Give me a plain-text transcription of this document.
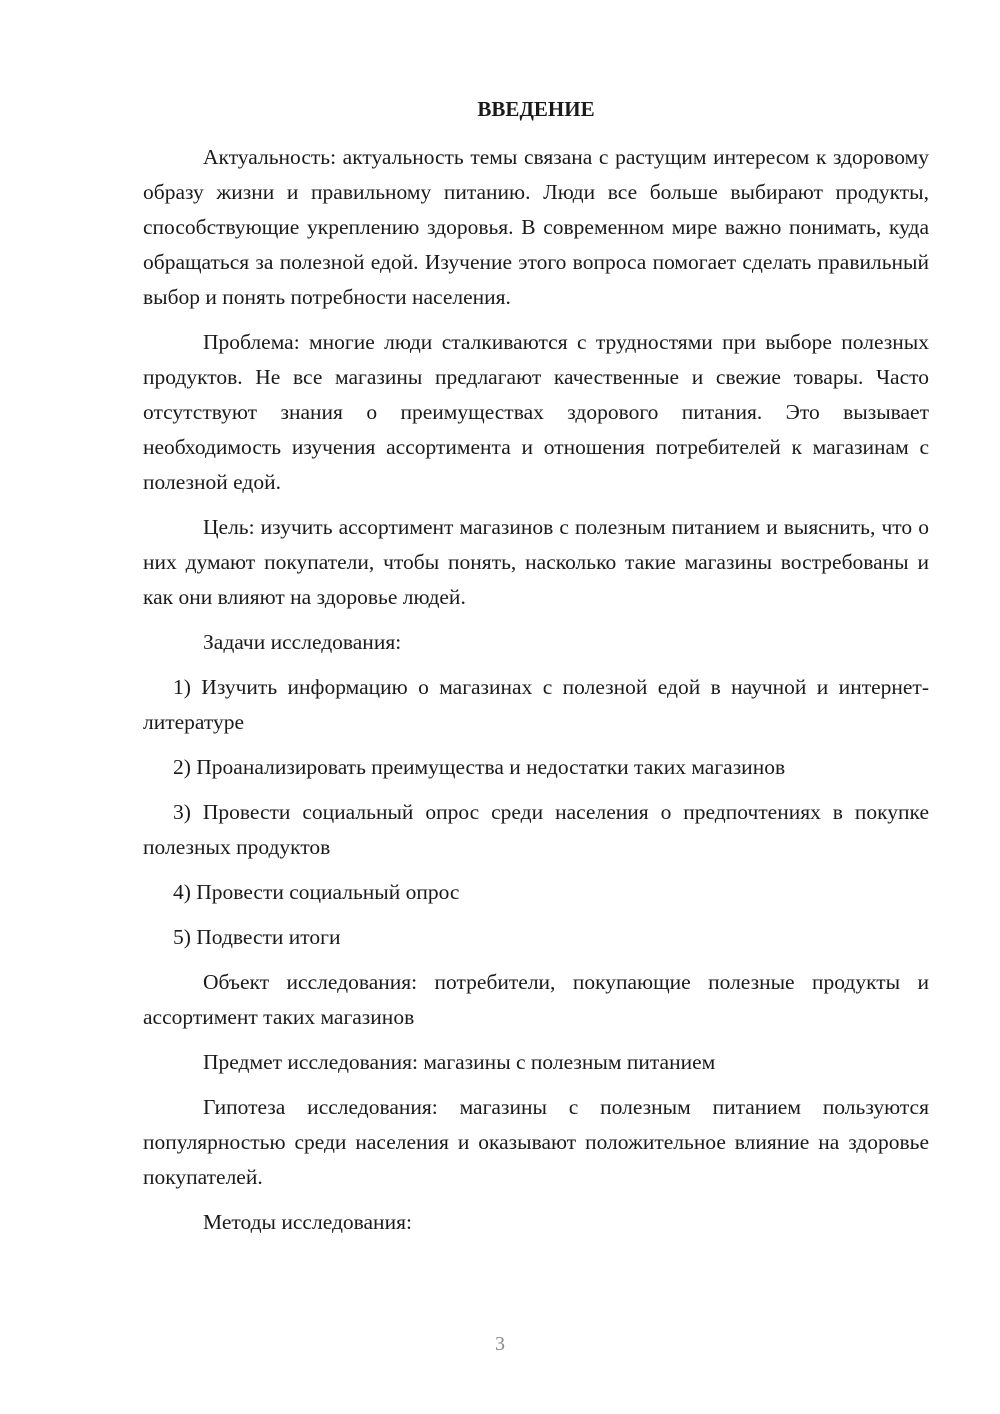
ВВЕДЕНИЕ

Актуальность: актуальность темы связана с растущим интересом к здоровому образу жизни и правильному питанию. Люди все больше выбирают продукты, способствующие укреплению здоровья. В современном мире важно понимать, куда обращаться за полезной едой. Изучение этого вопроса помогает сделать правильный выбор и понять потребности населения.

Проблема: многие люди сталкиваются с трудностями при выборе полезных продуктов. Не все магазины предлагают качественные и свежие товары. Часто отсутствуют знания о преимуществах здорового питания. Это вызывает необходимость изучения ассортимента и отношения потребителей к магазинам с полезной едой.

Цель: изучить ассортимент магазинов с полезным питанием и выяснить, что о них думают покупатели, чтобы понять, насколько такие магазины востребованы и как они влияют на здоровье людей.

Задачи исследования:

1) Изучить информацию о магазинах с полезной едой в научной и интернет-литературе

2) Проанализировать преимущества и недостатки таких магазинов

3) Провести социальный опрос среди населения о предпочтениях в покупке полезных продуктов

4) Провести социальный опрос

5) Подвести итоги

Объект исследования: потребители, покупающие полезные продукты и ассортимент таких магазинов

Предмет исследования: магазины с полезным питанием

Гипотеза исследования: магазины с полезным питанием пользуются популярностью среди населения и оказывают положительное влияние на здоровье покупателей.

Методы исследования:

3
